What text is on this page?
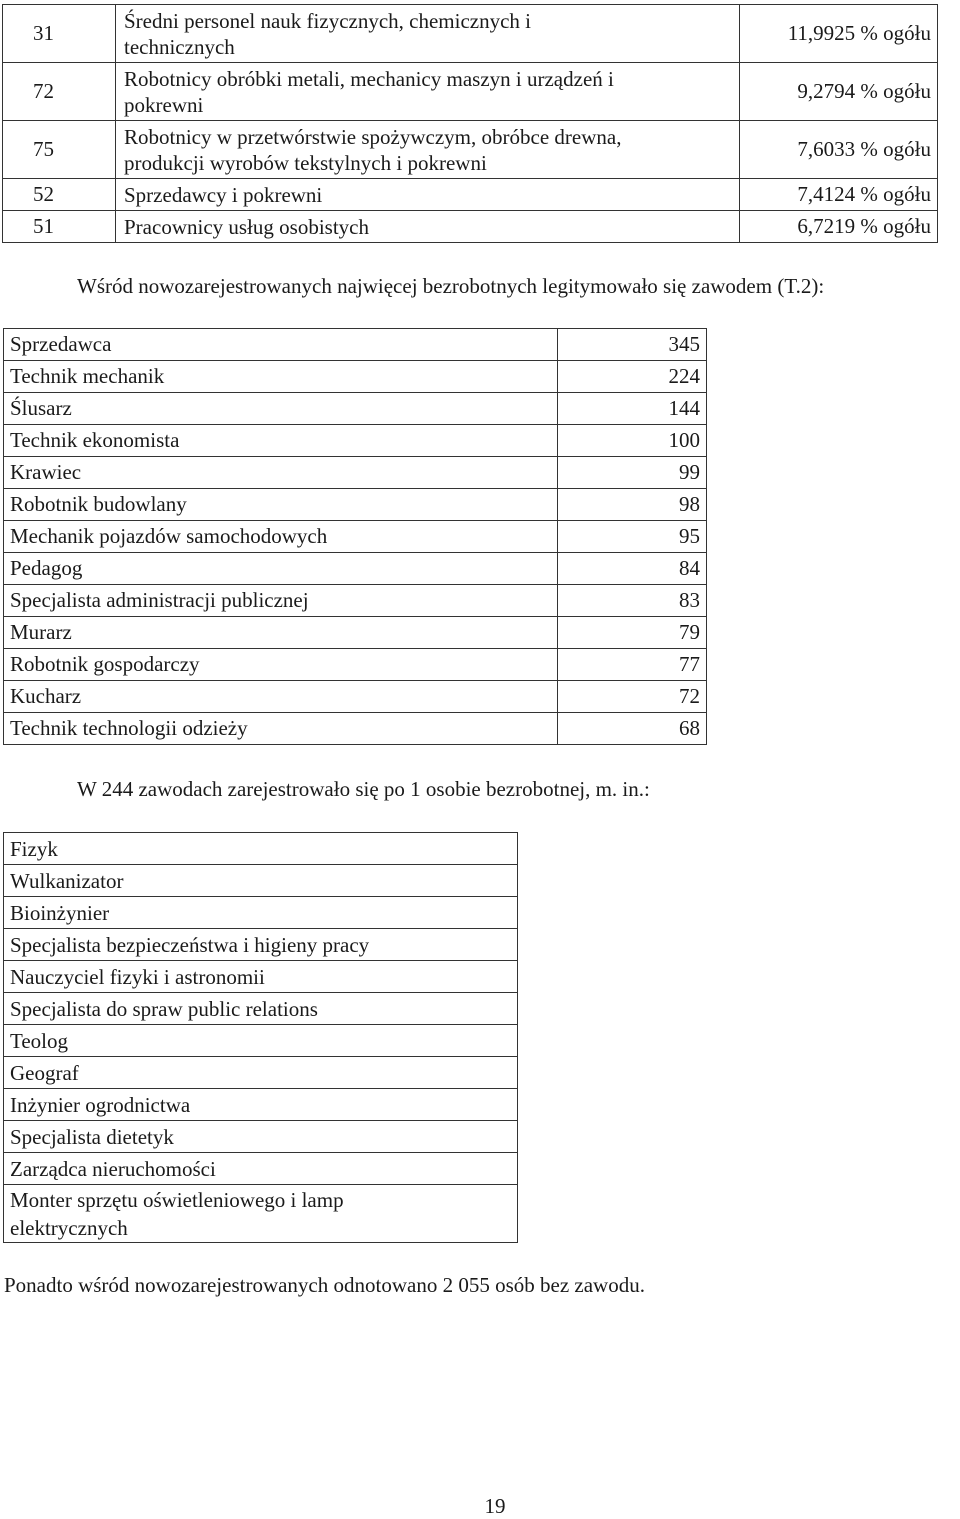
31	Średni personel nauk fizycznych, chemicznych i
technicznych	11,9925 % ogółu
72	Robotnicy obróbki metali, mechanicy maszyn i urządzeń i
pokrewni	9,2794 % ogółu
75	Robotnicy w przetwórstwie spożywczym, obróbce drewna,
produkcji wyrobów tekstylnych i pokrewni	7,6033 % ogółu
52	Sprzedawcy i pokrewni	7,4124 % ogółu
51	Pracownicy usług osobistych	6,7219 % ogółu
Wśród nowozarejestrowanych najwięcej bezrobotnych legitymowało się zawodem (T.2):
Sprzedawca	345
Technik mechanik	224
Ślusarz	144
Technik ekonomista	100
Krawiec	99
Robotnik budowlany	98
Mechanik pojazdów samochodowych	95
Pedagog	84
Specjalista administracji publicznej	83
Murarz	79
Robotnik gospodarczy	77
Kucharz	72
Technik technologii odzieży	68
W 244 zawodach zarejestrowało się po 1 osobie bezrobotnej, m. in.:
Fizyk
Wulkanizator
Bioinżynier
Specjalista bezpieczeństwa i higieny pracy
Nauczyciel fizyki i astronomii
Specjalista do spraw public relations
Teolog
Geograf
Inżynier ogrodnictwa
Specjalista dietetyk
Zarządca nieruchomości
Monter sprzętu oświetleniowego i lamp
elektrycznych
Ponadto wśród nowozarejestrowanych odnotowano 2 055 osób bez zawodu.
19
